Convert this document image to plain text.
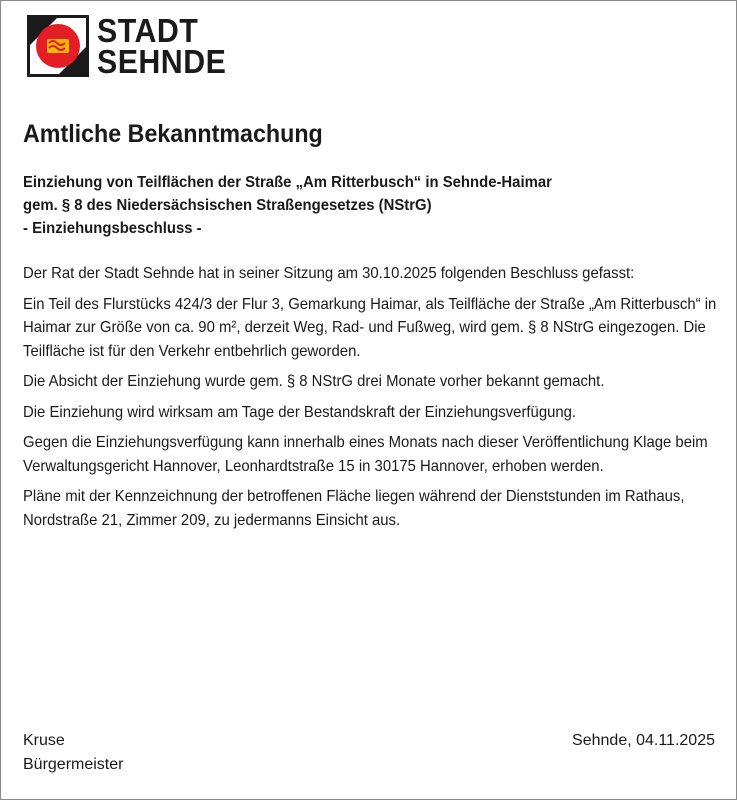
STADT
SEHNDE
Amtliche Bekanntmachung
Einziehung von Teilflächen der Straße „Am Ritterbusch“ in Sehnde-Haimar
gem. § 8 des Niedersächsischen Straßengesetzes (NStrG)
- Einziehungsbeschluss -

Der Rat der Stadt Sehnde hat in seiner Sitzung am 30.10.2025 folgenden Beschluss gefasst:

Ein Teil des Flurstücks 424/3 der Flur 3, Gemarkung Haimar, als Teilfläche der Straße „Am Ritterbusch“ in Haimar zur Größe von ca. 90 m², derzeit Weg, Rad- und Fußweg, wird gem. § 8 NStrG eingezogen. Die Teilfläche ist für den Verkehr entbehrlich geworden.

Die Absicht der Einziehung wurde gem. § 8 NStrG drei Monate vorher bekannt gemacht.

Die Einziehung wird wirksam am Tage der Bestandskraft der Einziehungsverfügung.

Gegen die Einziehungsverfügung kann innerhalb eines Monats nach dieser Veröffentlichung Klage beim Verwaltungsgericht Hannover, Leonhardtstraße 15 in 30175 Hannover, erhoben werden.

Pläne mit der Kennzeichnung der betroffenen Fläche liegen während der Dienststunden im Rathaus, Nordstraße 21, Zimmer 209, zu jedermanns Einsicht aus.

Kruse
Bürgermeister
Sehnde, 04.11.2025
